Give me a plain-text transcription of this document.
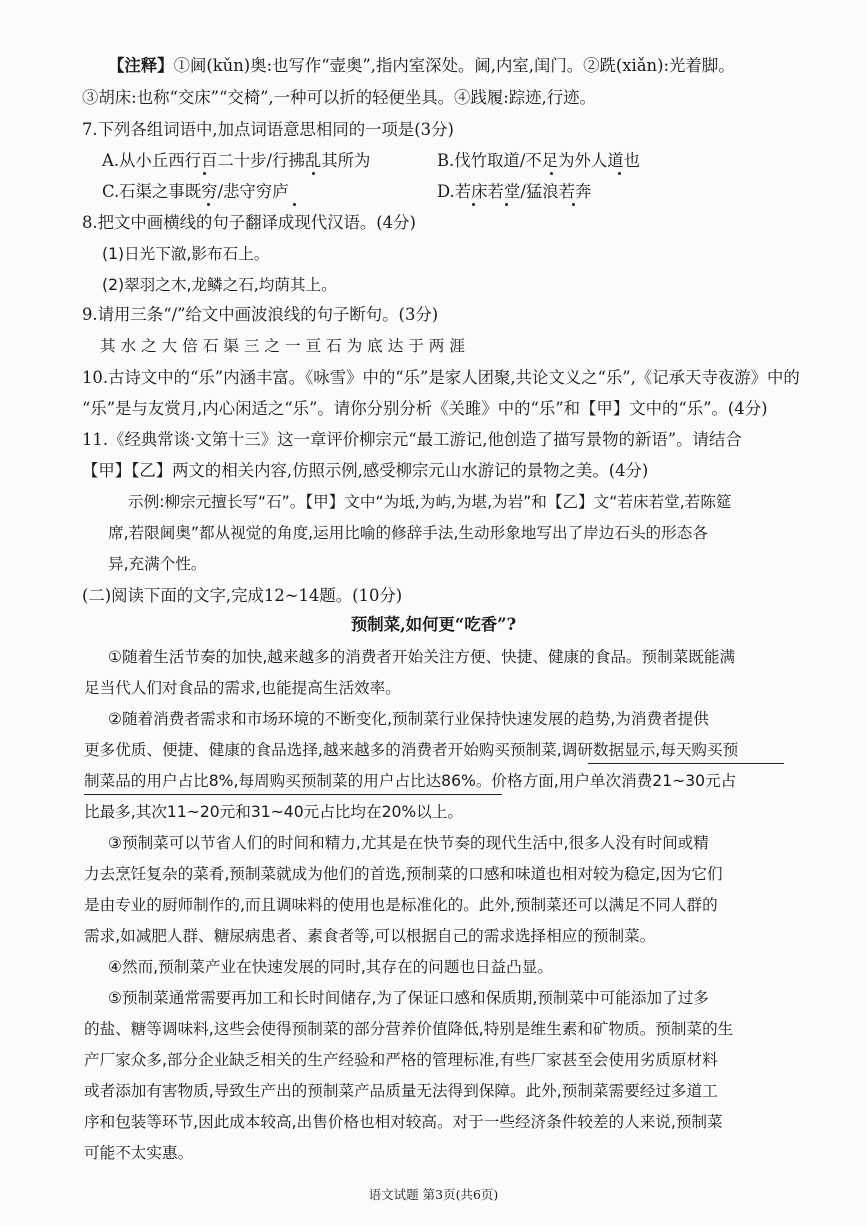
【注释】①阃(kǔn)奥:也写作“壸奥”,指内室深处。阃,内室,闺门。②跣(xiǎn):光着脚。
③胡床:也称“交床”“交椅”,一种可以折的轻便坐具。④践履:踪迹,行迹。
7.下列各组词语中,加点词语意思相同的一项是(3分)
A.从小丘西行百二十步/行拂乱其所为	B.伐竹取道/不足为外人道也
C.石渠之事既穷/悲守穷庐	D.若床若堂/猛浪若奔
8.把文中画横线的句子翻译成现代汉语。(4分)
(1)日光下澈,影布石上。
(2)翠羽之木,龙鳞之石,均荫其上。
9.请用三条“/”给文中画波浪线的句子断句。(3分)
其 水 之 大 倍 石 渠 三 之 一 亘 石 为 底 达 于 两 涯
10.古诗文中的“乐”内涵丰富。《咏雪》中的“乐”是家人团聚,共论文义之“乐”,《记承天寺夜游》中的
“乐”是与友赏月,内心闲适之“乐”。请你分别分析《关雎》中的“乐”和【甲】文中的“乐”。(4分)
11.《经典常谈·文第十三》这一章评价柳宗元“最工游记,他创造了描写景物的新语”。请结合
【甲】【乙】两文的相关内容,仿照示例,感受柳宗元山水游记的景物之美。(4分)
示例:柳宗元擅长写“石”。【甲】文中“为坻,为屿,为堪,为岩”和【乙】文“若床若堂,若陈筵
席,若限阃奥”都从视觉的角度,运用比喻的修辞手法,生动形象地写出了岸边石头的形态各
异,充满个性。
(二)阅读下面的文字,完成12~14题。(10分)
预制菜,如何更“吃香”?
①随着生活节奏的加快,越来越多的消费者开始关注方便、快捷、健康的食品。预制菜既能满
足当代人们对食品的需求,也能提高生活效率。
②随着消费者需求和市场环境的不断变化,预制菜行业保持快速发展的趋势,为消费者提供
更多优质、便捷、健康的食品选择,越来越多的消费者开始购买预制菜,调研数据显示,每天购买预
制菜品的用户占比8%,每周购买预制菜的用户占比达86%。价格方面,用户单次消费21~30元占
比最多,其次11~20元和31~40元占比均在20%以上。
③预制菜可以节省人们的时间和精力,尤其是在快节奏的现代生活中,很多人没有时间或精
力去烹饪复杂的菜肴,预制菜就成为他们的首选,预制菜的口感和味道也相对较为稳定,因为它们
是由专业的厨师制作的,而且调味料的使用也是标准化的。此外,预制菜还可以满足不同人群的
需求,如减肥人群、糖尿病患者、素食者等,可以根据自己的需求选择相应的预制菜。
④然而,预制菜产业在快速发展的同时,其存在的问题也日益凸显。
⑤预制菜通常需要再加工和长时间储存,为了保证口感和保质期,预制菜中可能添加了过多
的盐、糖等调味料,这些会使得预制菜的部分营养价值降低,特别是维生素和矿物质。预制菜的生
产厂家众多,部分企业缺乏相关的生产经验和严格的管理标准,有些厂家甚至会使用劣质原材料
或者添加有害物质,导致生产出的预制菜产品质量无法得到保障。此外,预制菜需要经过多道工
序和包装等环节,因此成本较高,出售价格也相对较高。对于一些经济条件较差的人来说,预制菜
可能不太实惠。
语文试题 第3页(共6页)
